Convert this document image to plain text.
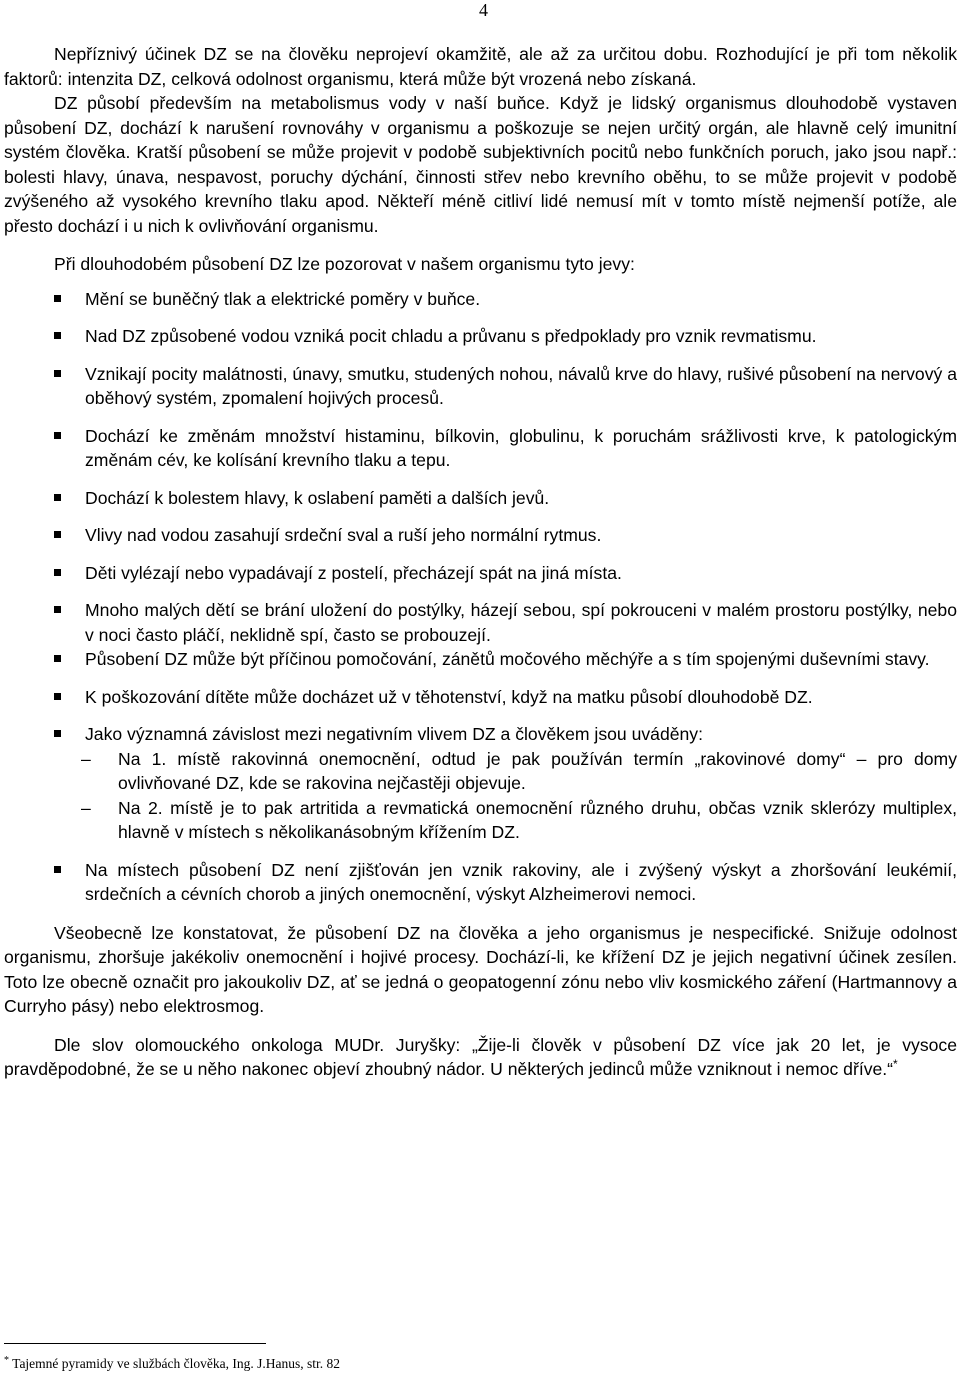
4

Nepříznivý účinek DZ se na člověku neprojeví okamžitě, ale až za určitou dobu. Rozhodující je při tom několik faktorů: intenzita DZ, celková odolnost organismu, která může být vrozená nebo získaná.

DZ působí především na metabolismus vody v naší buňce. Když je lidský organismus dlouhodobě vystaven působení DZ, dochází k narušení rovnováhy v organismu a poškozuje se nejen určitý orgán, ale hlavně celý imunitní systém člověka. Kratší působení se může projevit v podobě subjektivních pocitů nebo funkčních poruch, jako jsou např.: bolesti hlavy, únava, nespavost, poruchy dýchání, činnosti střev nebo krevního oběhu, to se může projevit v podobě zvýšeného až vysokého krevního tlaku apod. Někteří méně citliví lidé nemusí mít v tomto místě nejmenší potíže, ale přesto dochází i u nich k ovlivňování organismu.

Při dlouhodobém působení DZ lze pozorovat v našem organismu tyto jevy:

Mění se buněčný tlak a elektrické poměry v buňce.
Nad DZ způsobené vodou vzniká pocit chladu a průvanu s předpoklady pro vznik revmatismu.
Vznikají pocity malátnosti, únavy, smutku, studených nohou, návalů krve do hlavy, rušivé působení na nervový a oběhový systém, zpomalení hojivých procesů.
Dochází ke změnám množství histaminu, bílkovin, globulinu, k poruchám srážlivosti krve, k patologickým změnám cév, ke kolísání krevního tlaku a tepu.
Dochází k bolestem hlavy, k oslabení paměti a dalších jevů.
Vlivy nad vodou zasahují srdeční sval a ruší jeho normální rytmus.
Děti vylézají nebo vypadávají z postelí, přecházejí spát na jiná místa.
Mnoho malých dětí se brání uložení do postýlky, házejí sebou, spí pokrouceni v malém prostoru postýlky, nebo v noci často pláčí, neklidně spí, často se probouzejí.
Působení DZ může být příčinou pomočování, zánětů močového měchýře a s tím spojenými duševními stavy.
K poškozování dítěte může docházet už v těhotenství, když na matku působí dlouhodobě DZ.
Jako významná závislost mezi negativním vlivem DZ a člověkem jsou uváděny:
–	Na 1. místě rakovinná onemocnění, odtud je pak používán termín „rakovinové domy“ – pro domy ovlivňované DZ, kde se rakovina nejčastěji objevuje.
–	Na 2. místě je to pak artritida a revmatická onemocnění různého druhu, občas vznik sklerózy multiplex, hlavně v místech s několikanásobným křížením DZ.
Na místech působení DZ není zjišťován jen vznik rakoviny, ale i zvýšený výskyt a zhoršování leukémií, srdečních a cévních chorob a jiných onemocnění, výskyt Alzheimerovi nemoci.

Všeobecně lze konstatovat, že působení DZ na člověka a jeho organismus je nespecifické. Snižuje odolnost organismu, zhoršuje jakékoliv onemocnění i hojivé procesy. Dochází-li, ke křížení DZ je jejich negativní účinek zesílen. Toto lze obecně označit pro jakoukoliv DZ, ať se jedná o geopatogenní zónu nebo vliv kosmického záření (Hartmannovy a Curryho pásy) nebo elektrosmog.

Dle slov olomouckého onkologa MUDr. Juryšky: „Žije-li člověk v působení DZ více jak 20 let, je vysoce pravděpodobné, že se u něho nakonec objeví zhoubný nádor. U některých jedinců může vzniknout i nemoc dříve.“*

* Tajemné pyramidy ve službách člověka, Ing. J.Hanus, str. 82
